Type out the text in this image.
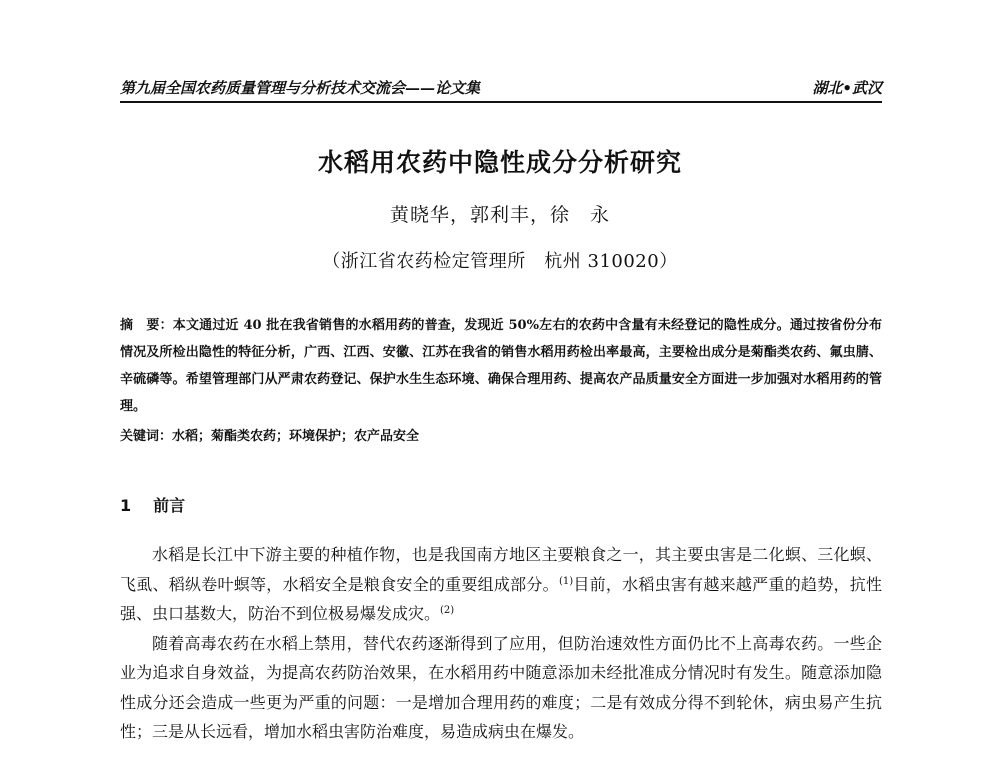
第九届全国农药质量管理与分析技术交流会——论文集	湖北•武汉
水稻用农药中隐性成分分析研究
黄晓华，郭利丰，徐　永
（浙江省农药检定管理所　杭州 310020）
摘　要：本文通过近 40 批在我省销售的水稻用药的普查，发现近 50%左右的农药中含量有未经登记的隐性成分。通过按省份分布情况及所检出隐性的特征分析，广西、江西、安徽、江苏在我省的销售水稻用药检出率最高，主要检出成分是菊酯类农药、氟虫腈、辛硫磷等。希望管理部门从严肃农药登记、保护水生生态环境、确保合理用药、提高农产品质量安全方面进一步加强对水稻用药的管理。
关键词：水稻；菊酯类农药；环境保护；农产品安全
1 前言

水稻是长江中下游主要的种植作物，也是我国南方地区主要粮食之一，其主要虫害是二化螟、三化螟、飞虱、稻纵卷叶螟等，水稻安全是粮食安全的重要组成部分。$^{(1)}$目前，水稻虫害有越来越严重的趋势，抗性强、虫口基数大，防治不到位极易爆发成灾。$^{(2)}$

随着高毒农药在水稻上禁用，替代农药逐渐得到了应用，但防治速效性方面仍比不上高毒农药。一些企业为追求自身效益，为提高农药防治效果，在水稻用药中随意添加未经批准成分情况时有发生。随意添加隐性成分还会造成一些更为严重的问题：一是增加合理用药的难度；二是有效成分得不到轮休，病虫易产生抗性；三是从长远看，增加水稻虫害防治难度，易造成病虫在爆发。
